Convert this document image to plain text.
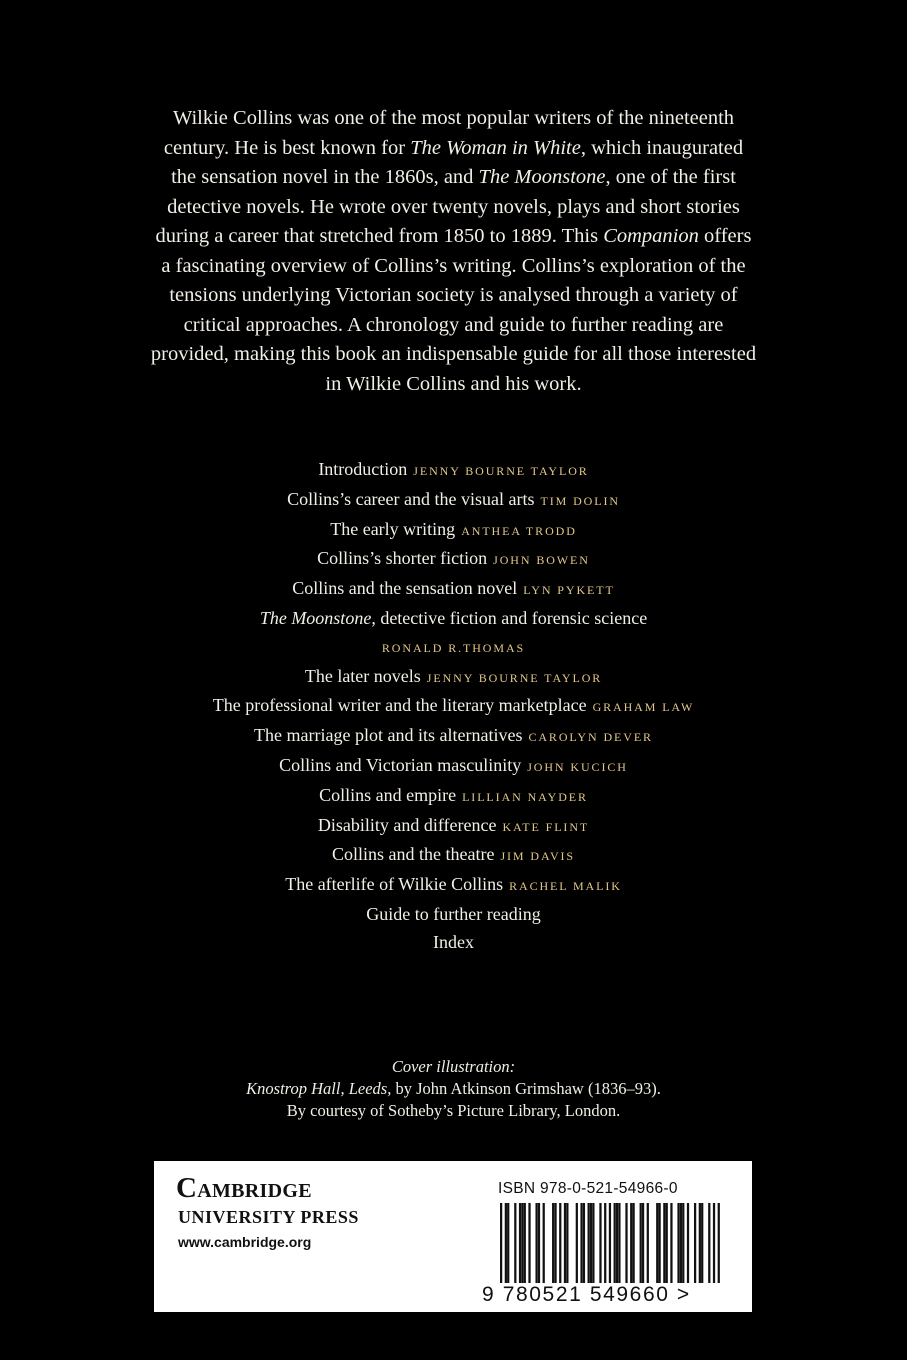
Wilkie Collins was one of the most popular writers of the nineteenth century. He is best known for The Woman in White, which inaugurated the sensation novel in the 1860s, and The Moonstone, one of the first detective novels. He wrote over twenty novels, plays and short stories during a career that stretched from 1850 to 1889. This Companion offers a fascinating overview of Collins’s writing. Collins’s exploration of the tensions underlying Victorian society is analysed through a variety of critical approaches. A chronology and guide to further reading are provided, making this book an indispensable guide for all those interested in Wilkie Collins and his work.

Introduction JENNY BOURNE TAYLOR
Collins’s career and the visual arts TIM DOLIN
The early writing ANTHEA TRODD
Collins’s shorter fiction JOHN BOWEN
Collins and the sensation novel LYN PYKETT
The Moonstone, detective fiction and forensic science
RONALD R.THOMAS
The later novels JENNY BOURNE TAYLOR
The professional writer and the literary marketplace GRAHAM LAW
The marriage plot and its alternatives CAROLYN DEVER
Collins and Victorian masculinity JOHN KUCICH
Collins and empire LILLIAN NAYDER
Disability and difference KATE FLINT
Collins and the theatre JIM DAVIS
The afterlife of Wilkie Collins RACHEL MALIK
Guide to further reading
Index
Cover illustration:
Knostrop Hall, Leeds, by John Atkinson Grimshaw (1836–93).
By courtesy of Sotheby’s Picture Library, London.
Cambridge
UNIVERSITY PRESS
www.cambridge.org
ISBN 978-0-521-54966-0
9 780521 549660 >
